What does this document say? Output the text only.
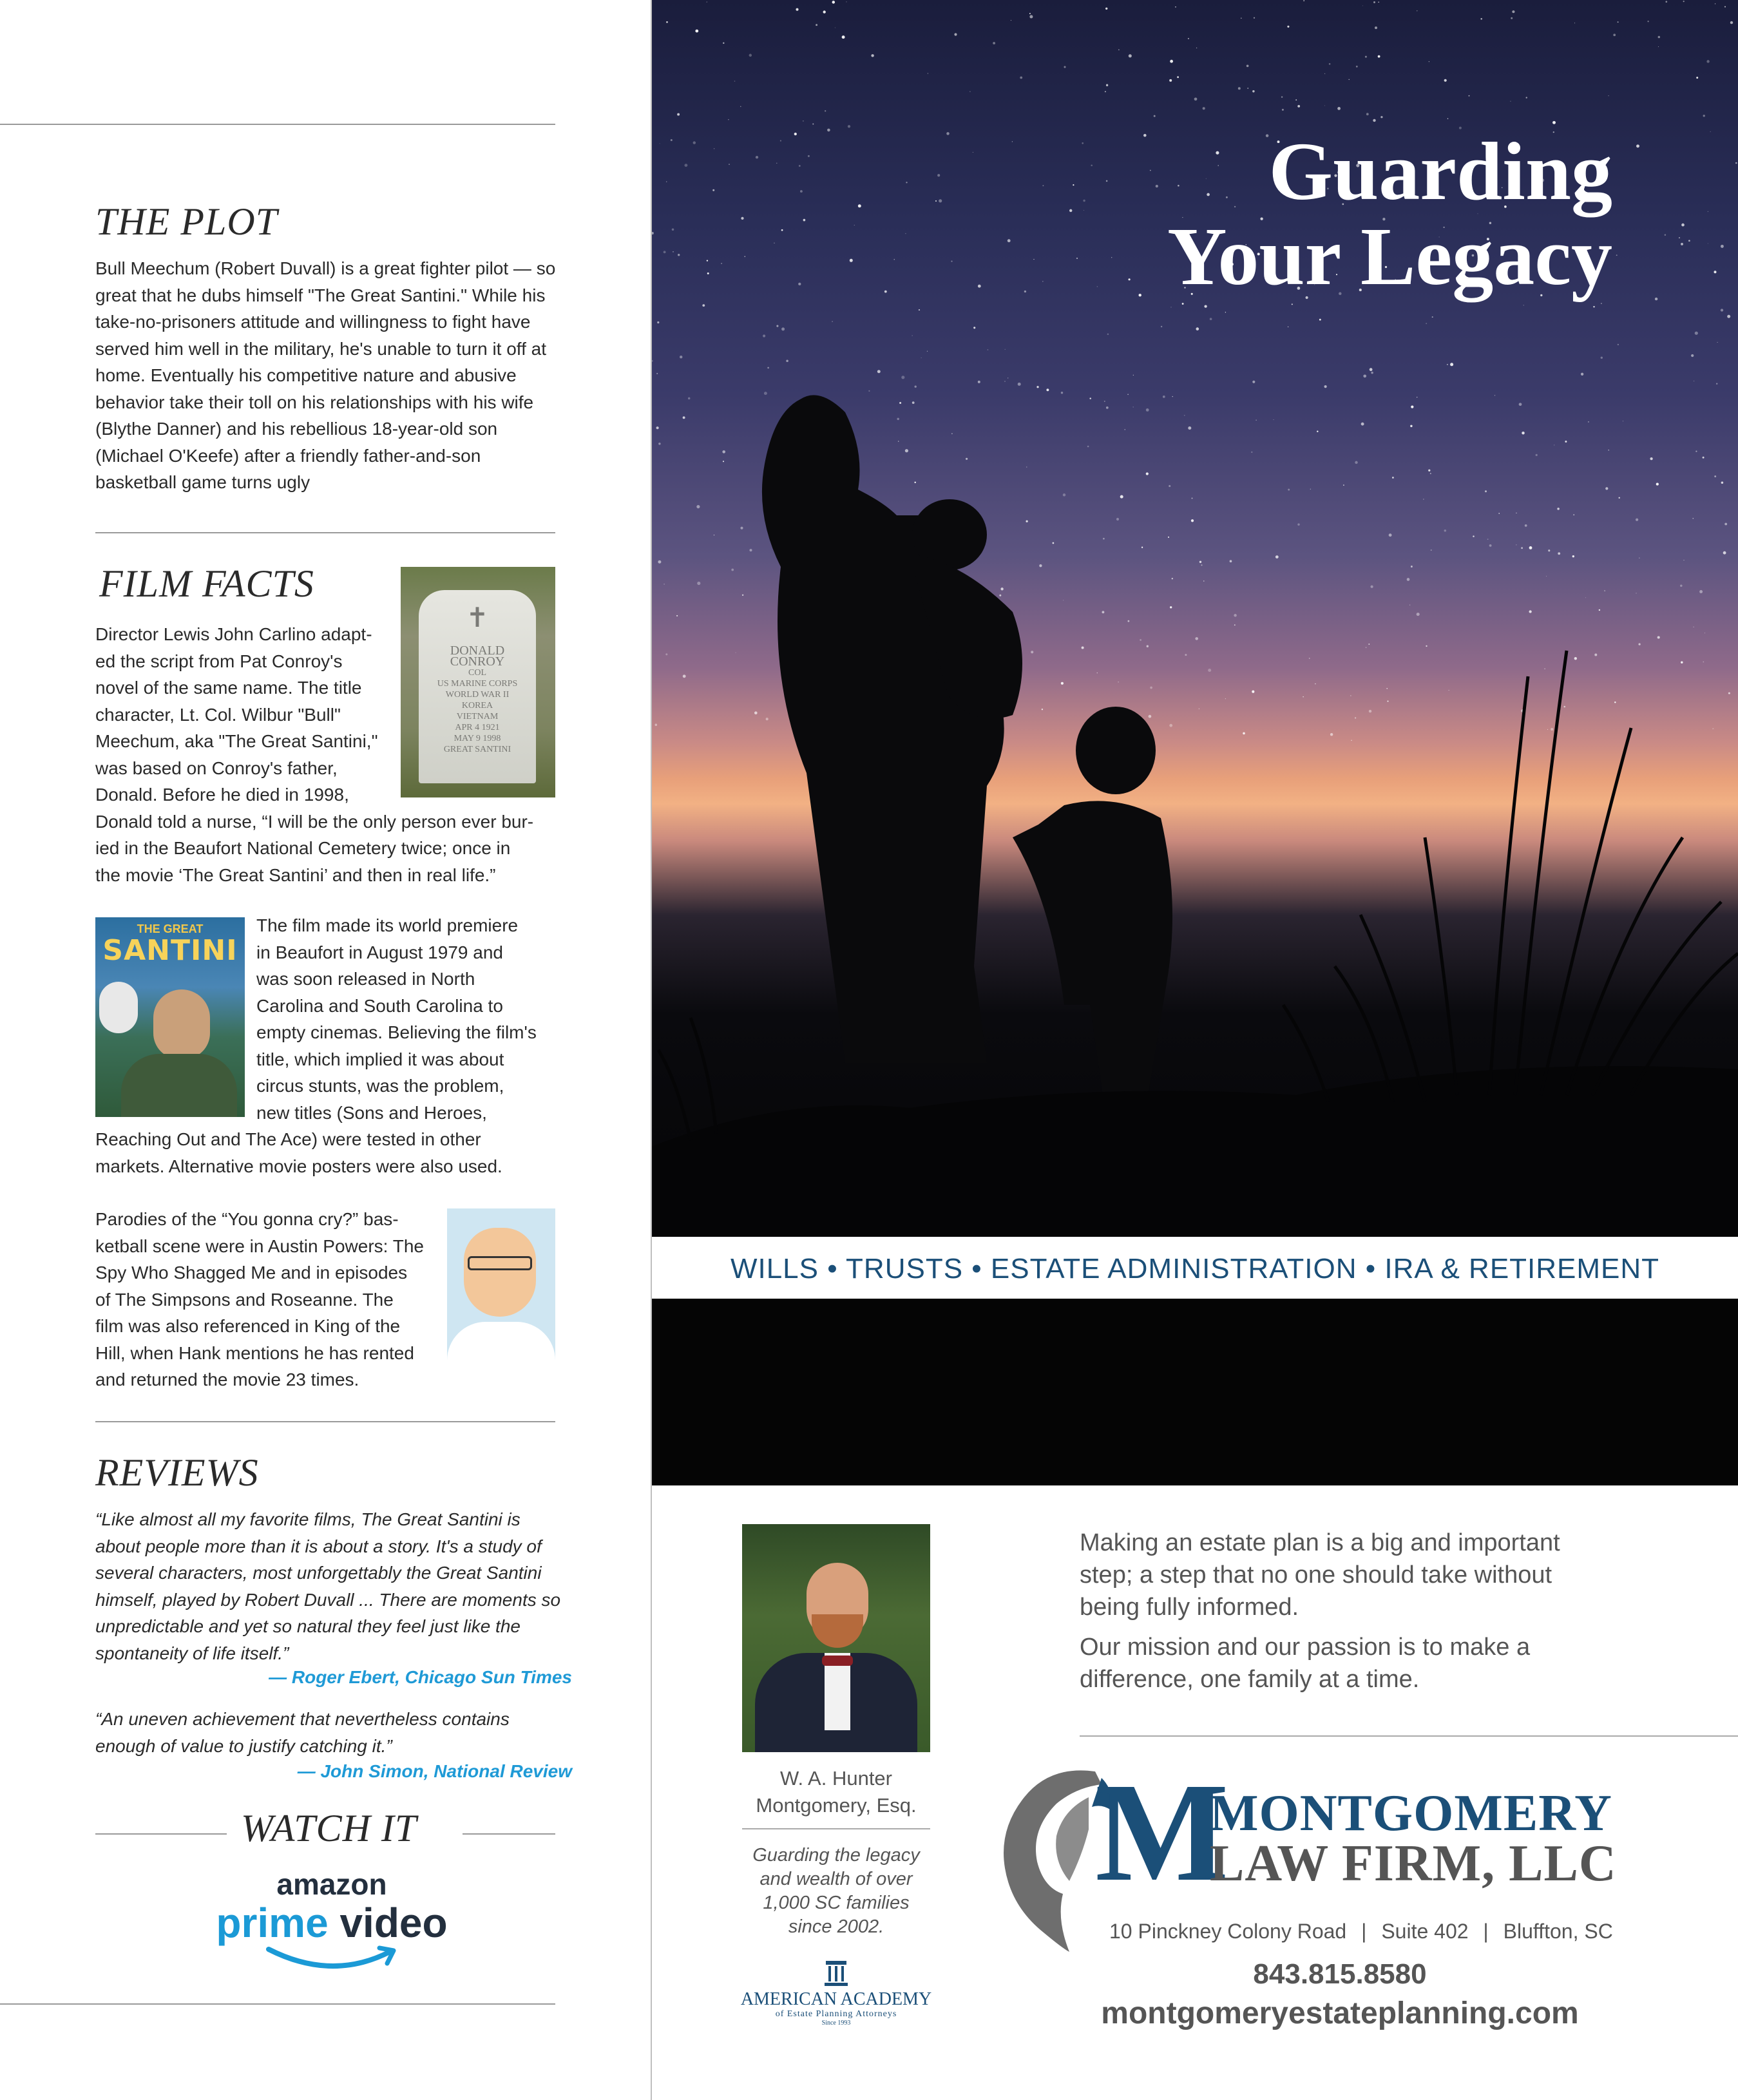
THE PLOT

Bull Meechum (Robert Duvall) is a great fighter pilot — so great that he dubs himself "The Great Santini." While his take-no-prisoners attitude and willingness to fight have served him well in the military, he's unable to turn it off at home. Eventually his competitive nature and abusive behavior take their toll on his relationships with his wife (Blythe Danner) and his rebellious 18-year-old son (Michael O'Keefe) after a friendly father-and-son basketball game turns ugly

FILM FACTS
✝
DONALD
CONROY
COL
US MARINE CORPS
WORLD WAR II
KOREA
VIETNAM
APR 4 1921
MAY 9 1998
GREAT SANTINI
Director Lewis John Carlino adapt-
ed the script from Pat Conroy's
novel of the same name. The title
character, Lt. Col. Wilbur "Bull"
Meechum, aka "The Great Santini,"
was based on Conroy's father,
Donald. Before he died in 1998,
Donald told a nurse, “I will be the only person ever bur-
ied in the Beaufort National Cemetery twice; once in
the movie ‘The Great Santini’ and then in real life.”
THE GREAT
SANTINI
The film made its world premiere
in Beaufort in August 1979 and
was soon released in North
Carolina and South Carolina to
empty cinemas. Believing the film's
title, which implied it was about
circus stunts, was the problem,
new titles (Sons and Heroes,
Reaching Out and The Ace) were tested in other
markets. Alternative movie posters were also used.
Parodies of the “You gonna cry?” bas-
ketball scene were in Austin Powers: The
Spy Who Shagged Me and in episodes
of The Simpsons and Roseanne. The
film was also referenced in King of the
Hill, when Hank mentions he has rented
and returned the movie 23 times.
REVIEWS

“Like almost all my favorite films, The Great Santini is about people more than it is about a story. It's a study of several characters, most unforgettably the Great Santini himself, played by Robert Duvall ... There are moments so unpredictable and yet so natural they feel just like the spontaneity of life itself.”

— Roger Ebert, Chicago Sun Times

“An uneven achievement that nevertheless contains enough of value to justify catching it.”

— John Simon, National Review
WATCH IT
amazon
prime video
Guarding
Your Legacy
WILLS • TRUSTS • ESTATE ADMINISTRATION • IRA & RETIREMENT
W. A. Hunter
Montgomery, Esq.

Guarding the legacy and wealth of over 1,000 SC families since 2002.

AMERICAN ACADEMY
of Estate Planning Attorneys
Since 1993

Making an estate plan is a big and important step; a step that no one should take without being fully informed.

Our mission and our passion is to make a difference, one family at a time.

M
MONTGOMERY
LAW FIRM, LLC
10 Pinckney Colony Road | Suite 402 | Bluffton, SC
843.815.8580
montgomeryestateplanning.com
